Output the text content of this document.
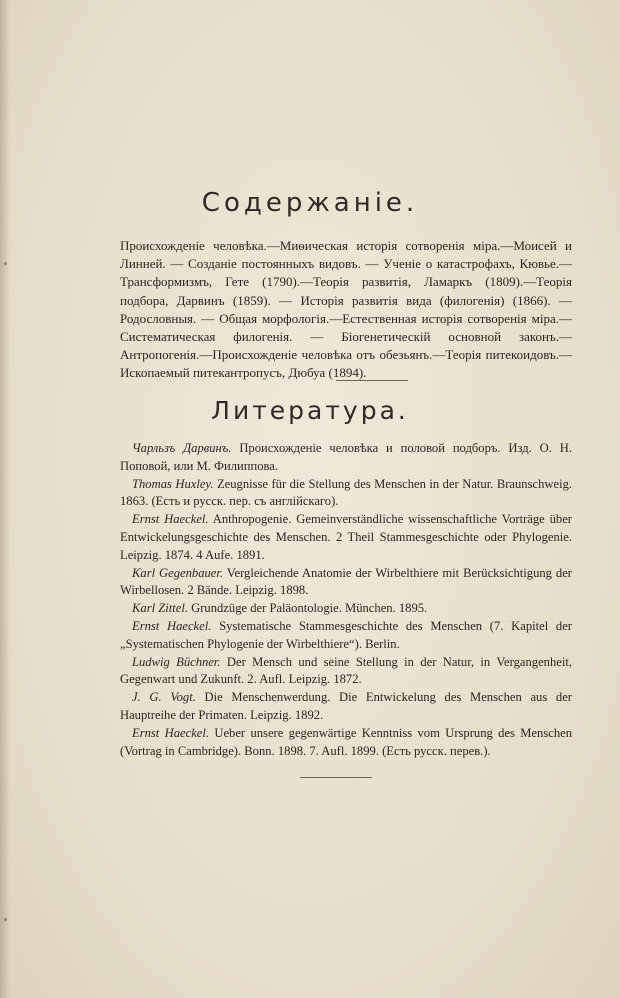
Содержаніе.

Происхожденіе человѣка.—Миѳическая исторія сотворенія міра.—Моисей и Линней. — Созданіе постоянныхъ видовъ. — Ученіе о катастрофахъ, Кювье.—Трансформизмъ, Гете (1790).—Теорія развитія, Ламаркъ (1809).—Теорія подбора, Дарвинъ (1859). — Исторія развитія вида (филогенія) (1866). — Родословныя. — Общая морфологія.—Естественная исторія сотворенія міра.—Систематическая филогенія. — Біогенетическій основной законъ.—Антропогенія.—Происхожденіе человѣка отъ обезьянъ.—Теорія питекоидовъ.—Ископаемый питекантропусъ, Дюбуа (1894).

Литература.
Чарльзъ Дарвинъ. Происхожденіе человѣка и половой подборъ. Изд. О. Н. Поповой, или М. Филиппова.
Thomas Huxley. Zeugnisse für die Stellung des Menschen in der Natur. Braunschweig. 1863. (Есть и русск. пер. съ англійскаго).
Ernst Haeckel. Anthropogenie. Gemeinverständliche wissenschaftliche Vorträge über Entwickelungsgeschichte des Menschen. 2 Theil Stammesgeschichte oder Phylogenie. Leipzig. 1874. 4 Aufe. 1891.
Karl Gegenbauer. Vergleichende Anatomie der Wirbelthiere mit Berücksichtigung der Wirbellosen. 2 Bände. Leipzig. 1898.
Karl Zittel. Grundzüge der Paläontologie. München. 1895.
Ernst Haeckel. Systematische Stammesgeschichte des Menschen (7. Kapitel der „Systematischen Phylogenie der Wirbelthiere“). Berlin.
Ludwig Büchner. Der Mensch und seine Stellung in der Natur, in Vergangenheit, Gegenwart und Zukunft. 2. Aufl. Leipzig. 1872.
J. G. Vogt. Die Menschenwerdung. Die Entwickelung des Menschen aus der Hauptreihe der Primaten. Leipzig. 1892.
Ernst Haeckel. Ueber unsere gegenwärtige Kenntniss vom Ursprung des Menschen (Vortrag in Cambridge). Bonn. 1898. 7. Aufl. 1899. (Есть русск. перев.).
